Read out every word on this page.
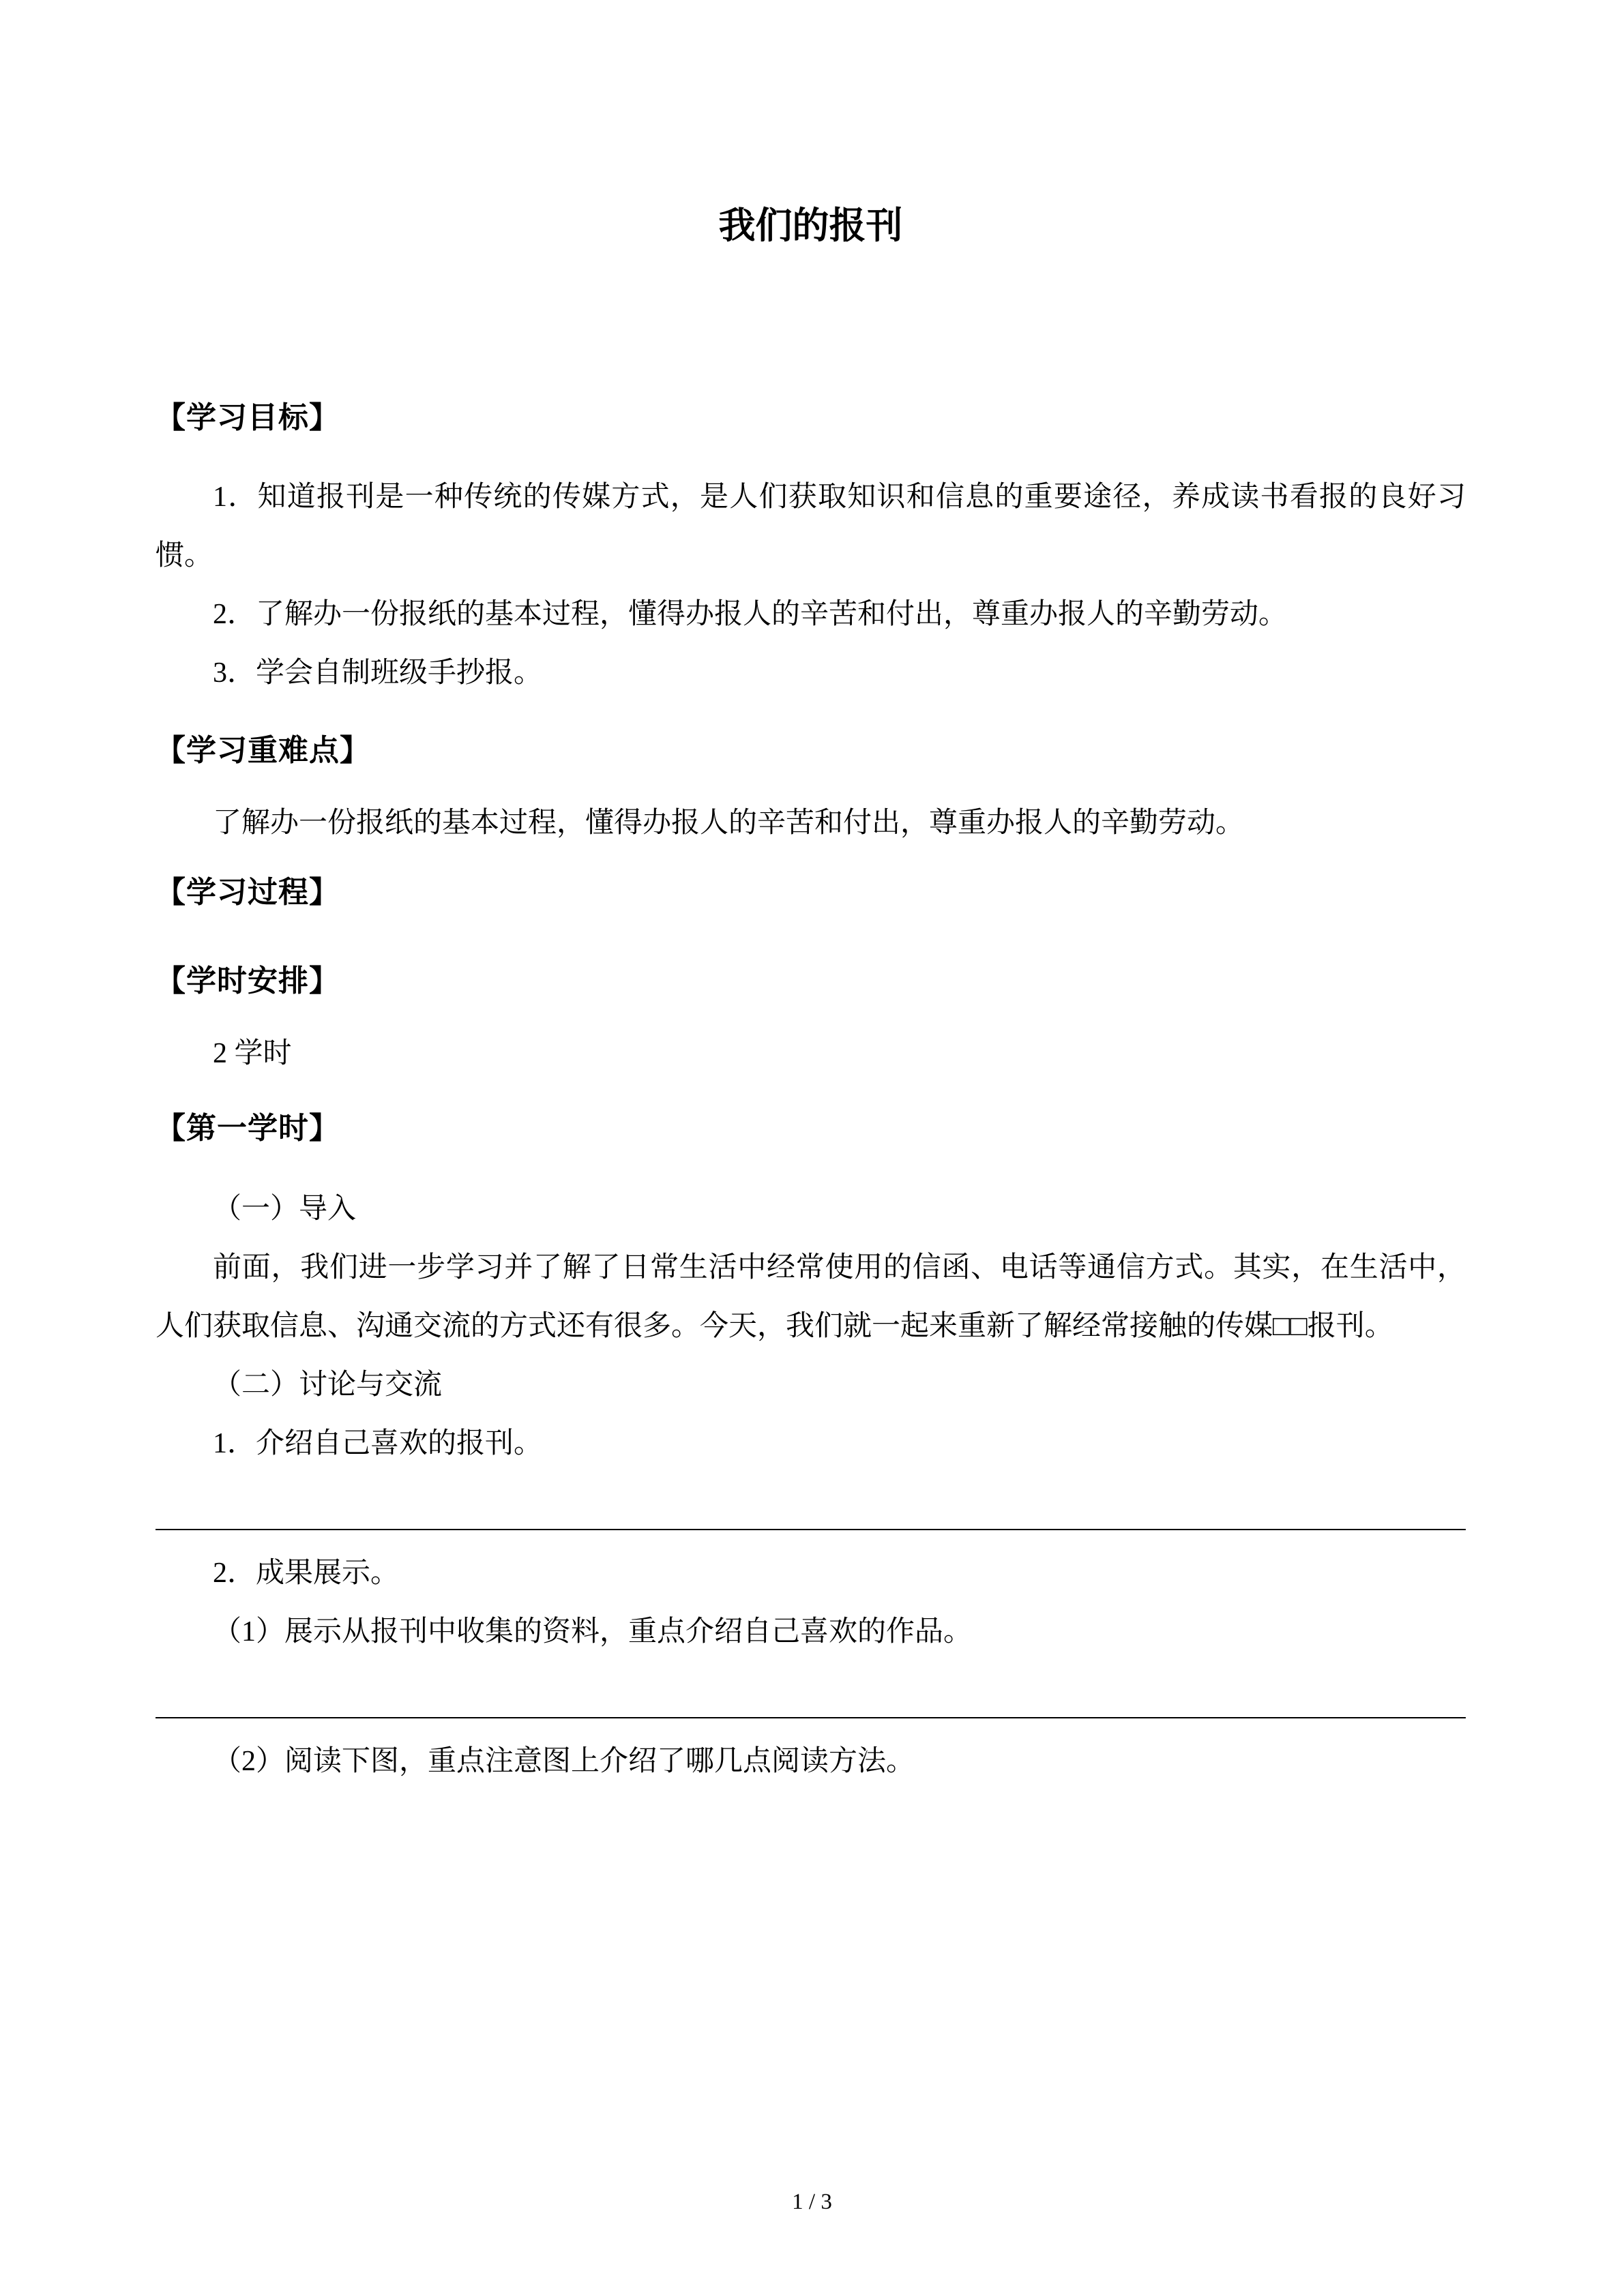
我们的报刊
【学习目标】

1．知道报刊是一种传统的传媒方式，是人们获取知识和信息的重要途径，养成读书看报的良好习惯。

2．了解办一份报纸的基本过程，懂得办报人的辛苦和付出，尊重办报人的辛勤劳动。

3．学会自制班级手抄报。

【学习重难点】

了解办一份报纸的基本过程，懂得办报人的辛苦和付出，尊重办报人的辛勤劳动。

【学习过程】
【学时安排】

2 学时

【第一学时】

（一）导入

前面，我们进一步学习并了解了日常生活中经常使用的信函、电话等通信方式。其实，在生活中，人们获取信息、沟通交流的方式还有很多。今天，我们就一起来重新了解经常接触的传媒□□报刊。

（二）讨论与交流

1．介绍自己喜欢的报刊。

2．成果展示。

（1）展示从报刊中收集的资料，重点介绍自己喜欢的作品。

（2）阅读下图，重点注意图上介绍了哪几点阅读方法。

1 / 3
